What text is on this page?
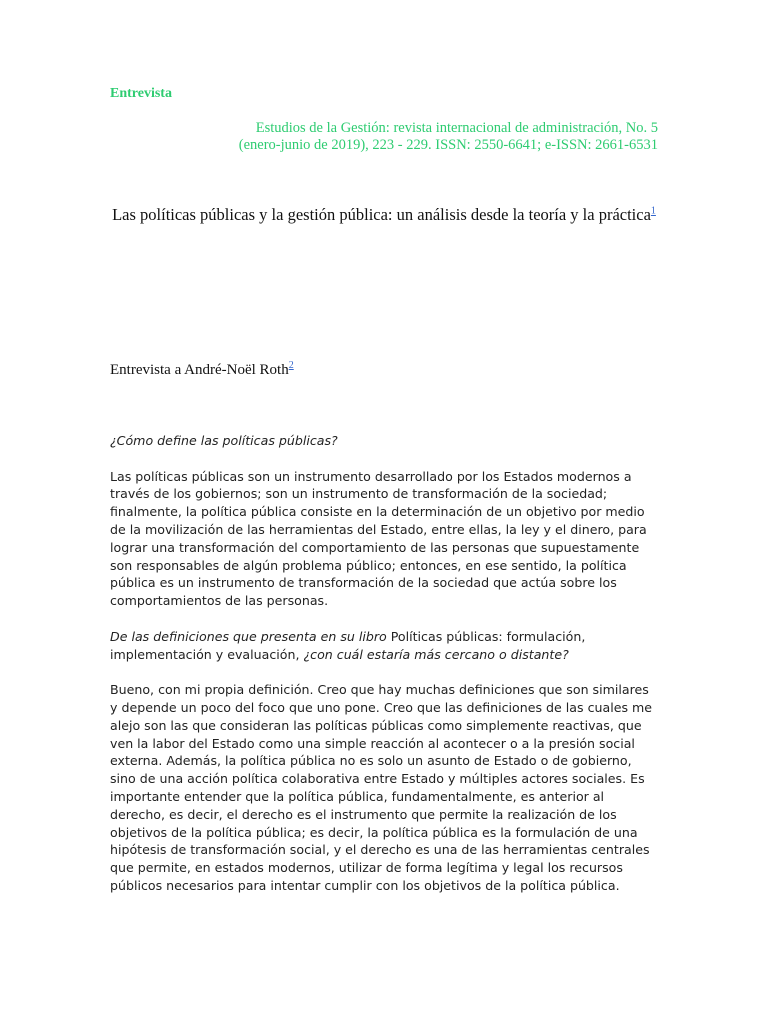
Entrevista
Estudios de la Gestión: revista internacional de administración, No. 5
(enero-junio de 2019), 223 - 229. ISSN: 2550-6641; e-ISSN: 2661-6531
Las políticas públicas y la gestión pública: un análisis desde la teoría y la práctica$^1$
Entrevista a André-Noël Roth$^2$

¿Cómo define las políticas públicas?

Las políticas públicas son un instrumento desarrollado por los Estados modernos a través de los gobiernos; son un instrumento de transformación de la sociedad; finalmente, la política pública consiste en la determinación de un objetivo por medio de la movilización de las herramientas del Estado, entre ellas, la ley y el dinero, para lograr una transformación del comportamiento de las personas que supuestamente son responsables de algún problema público; entonces, en ese sentido, la política pública es un instrumento de transformación de la sociedad que actúa sobre los comportamientos de las personas.

De las definiciones que presenta en su libro Políticas públicas: formulación, implementación y evaluación, ¿con cuál estaría más cercano o distante?

Bueno, con mi propia definición. Creo que hay muchas definiciones que son similares y depende un poco del foco que uno pone. Creo que las definiciones de las cuales me alejo son las que consideran las políticas públicas como simplemente reactivas, que ven la labor del Estado como una simple reacción al acontecer o a la presión social externa. Además, la política pública no es solo un asunto de Estado o de gobierno, sino de una acción política colaborativa entre Estado y múltiples actores sociales. Es importante entender que la política pública, fundamentalmente, es anterior al derecho, es decir, el derecho es el instrumento que permite la realización de los objetivos de la política pública; es decir, la política pública es la formulación de una hipótesis de transformación social, y el derecho es una de las herramientas centrales que permite, en estados modernos, utilizar de forma legítima y legal los recursos públicos necesarios para intentar cumplir con los objetivos de la política pública.
